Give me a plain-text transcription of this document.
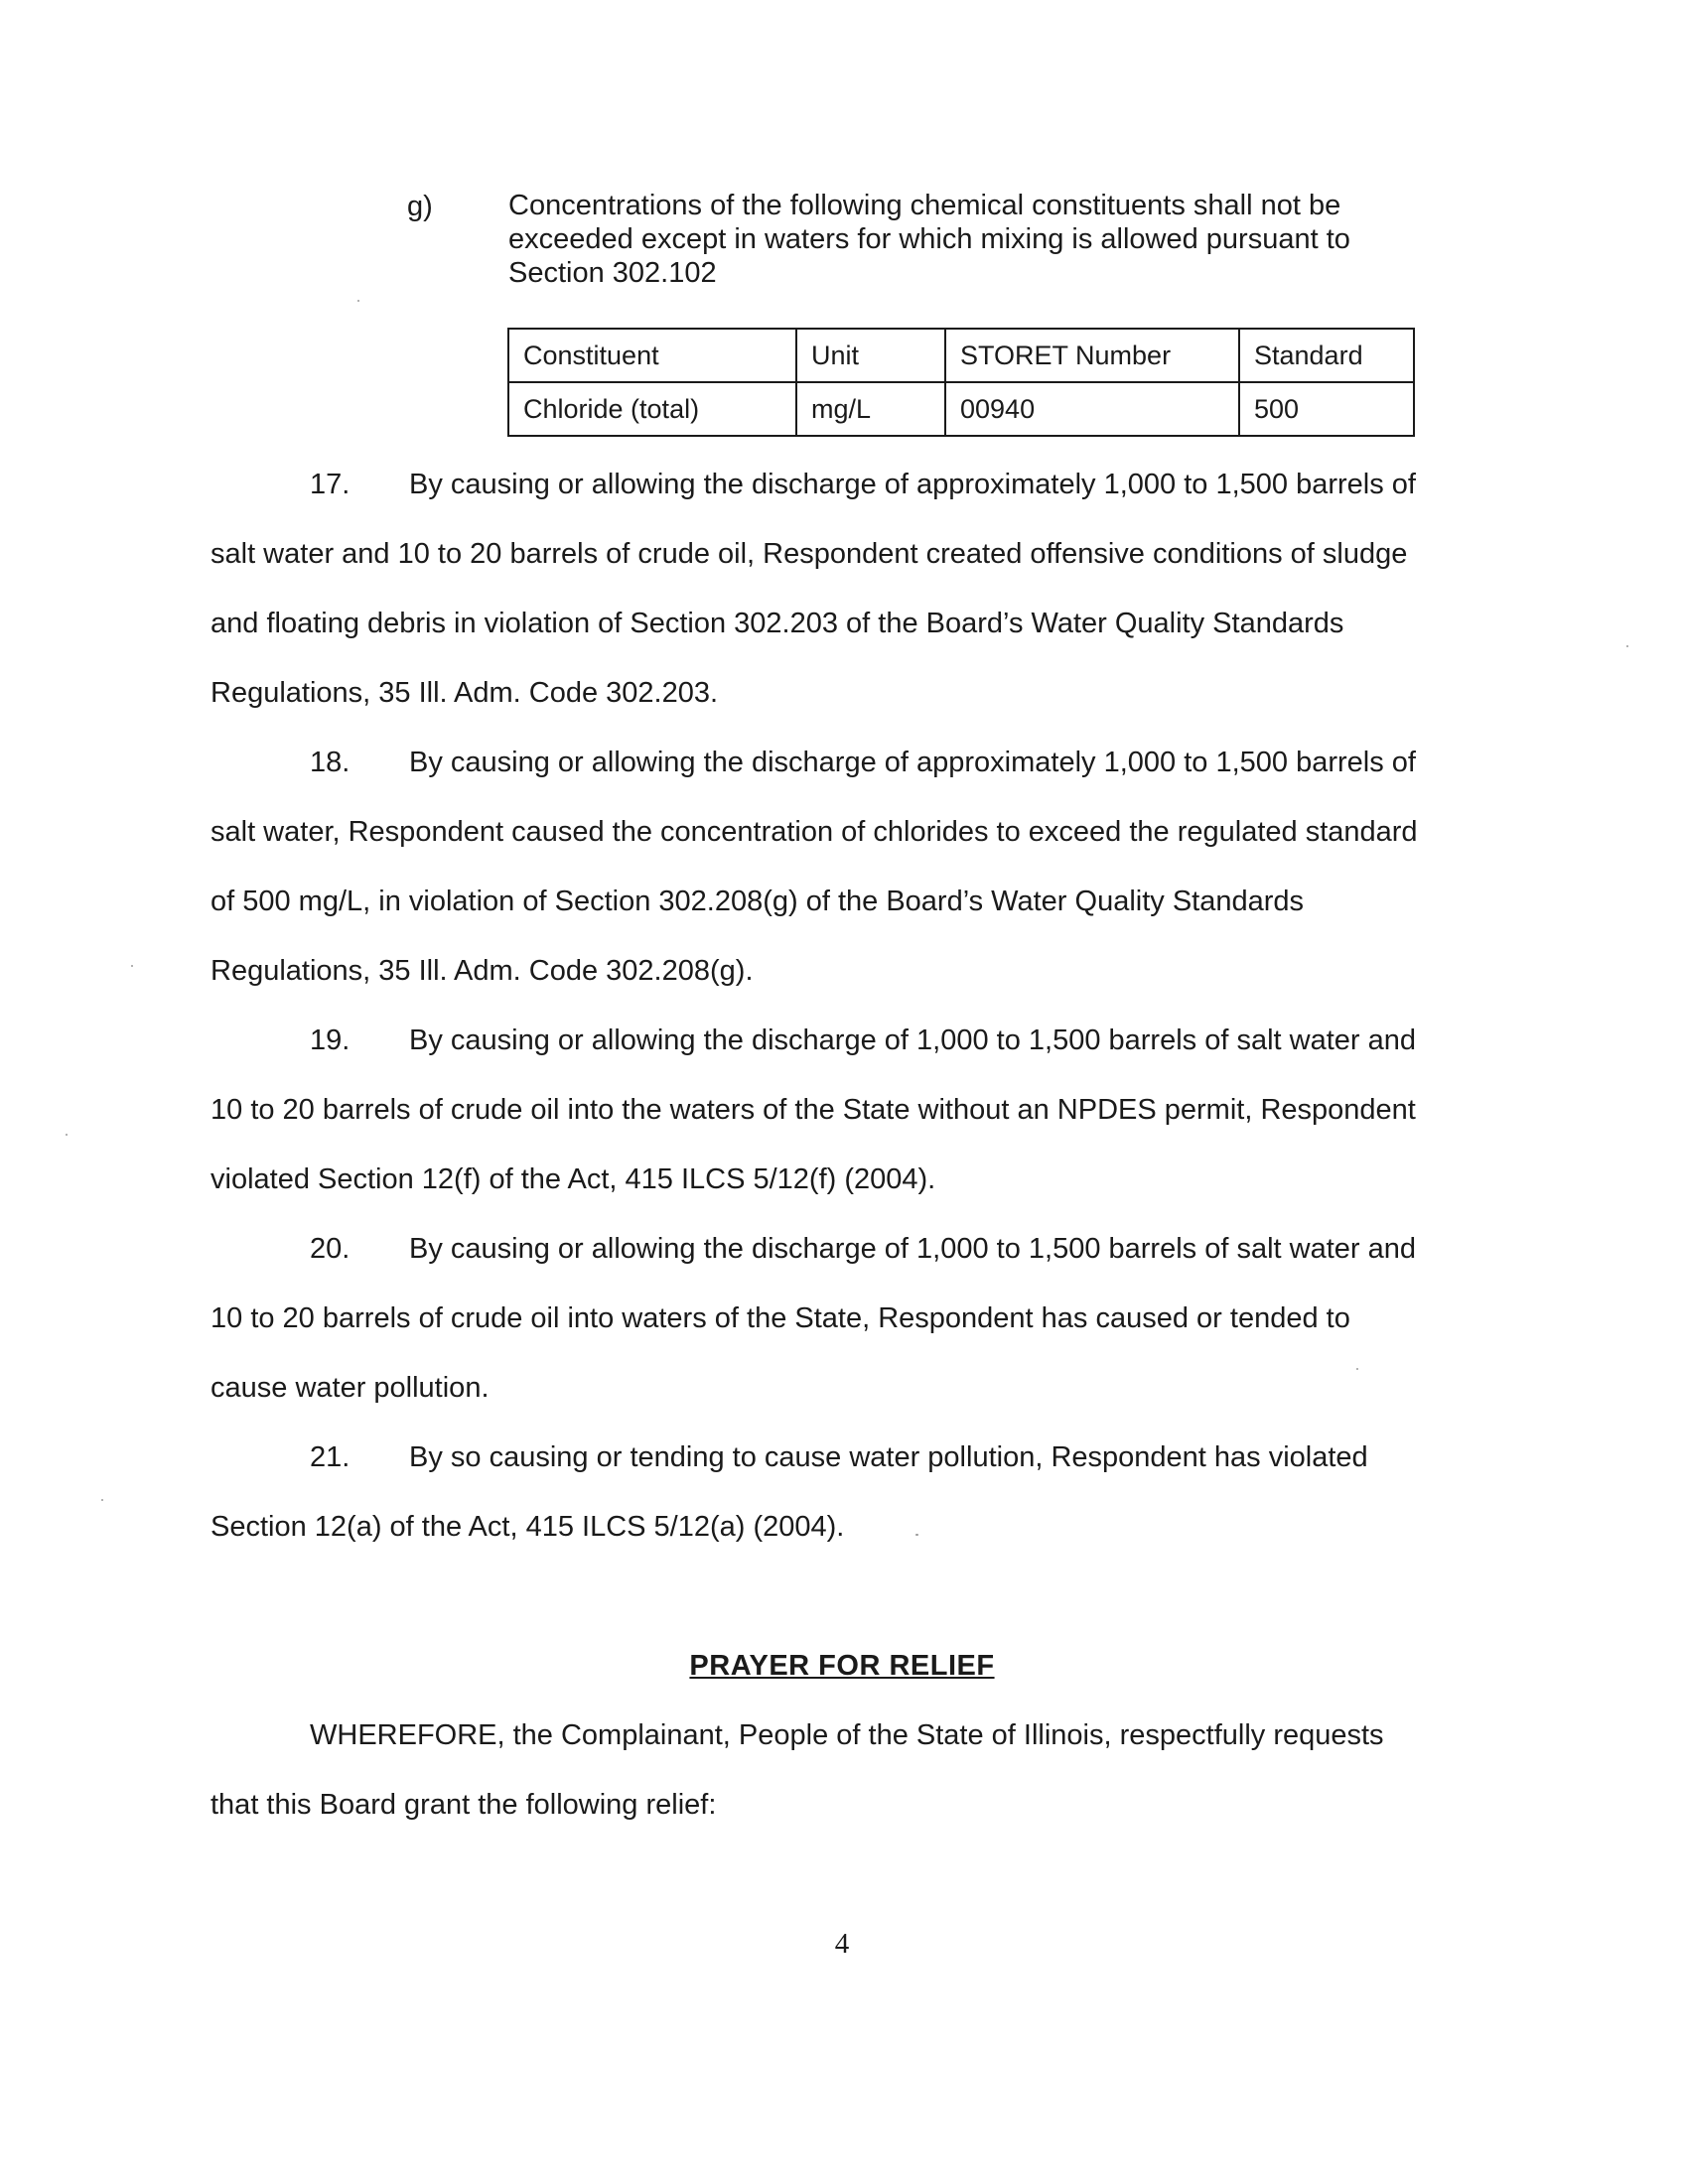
g)	Concentrations of the following chemical constituents shall not be
exceeded except in waters for which mixing is allowed pursuant to
Section 302.102
Constituent	Unit	STORET Number	Standard
Chloride (total)	mg/L	00940	500
17. By causing or allowing the discharge of approximately 1,000 to 1,500 barrels of
salt water and 10 to 20 barrels of crude oil, Respondent created offensive conditions of sludge
and floating debris in violation of Section 302.203 of the Board’s Water Quality Standards
Regulations, 35 Ill. Adm. Code 302.203.
18. By causing or allowing the discharge of approximately 1,000 to 1,500 barrels of
salt water, Respondent caused the concentration of chlorides to exceed the regulated standard
of 500 mg/L, in violation of Section 302.208(g) of the Board’s Water Quality Standards
Regulations, 35 Ill. Adm. Code 302.208(g).
19. By causing or allowing the discharge of 1,000 to 1,500 barrels of salt water and
10 to 20 barrels of crude oil into the waters of the State without an NPDES permit, Respondent
violated Section 12(f) of the Act, 415 ILCS 5/12(f) (2004).
20. By causing or allowing the discharge of 1,000 to 1,500 barrels of salt water and
10 to 20 barrels of crude oil into waters of the State, Respondent has caused or tended to
cause water pollution.
21. By so causing or tending to cause water pollution, Respondent has violated
Section 12(a) of the Act, 415 ILCS 5/12(a) (2004).
PRAYER FOR RELIEF
WHEREFORE, the Complainant, People of the State of Illinois, respectfully requests
that this Board grant the following relief:
4
